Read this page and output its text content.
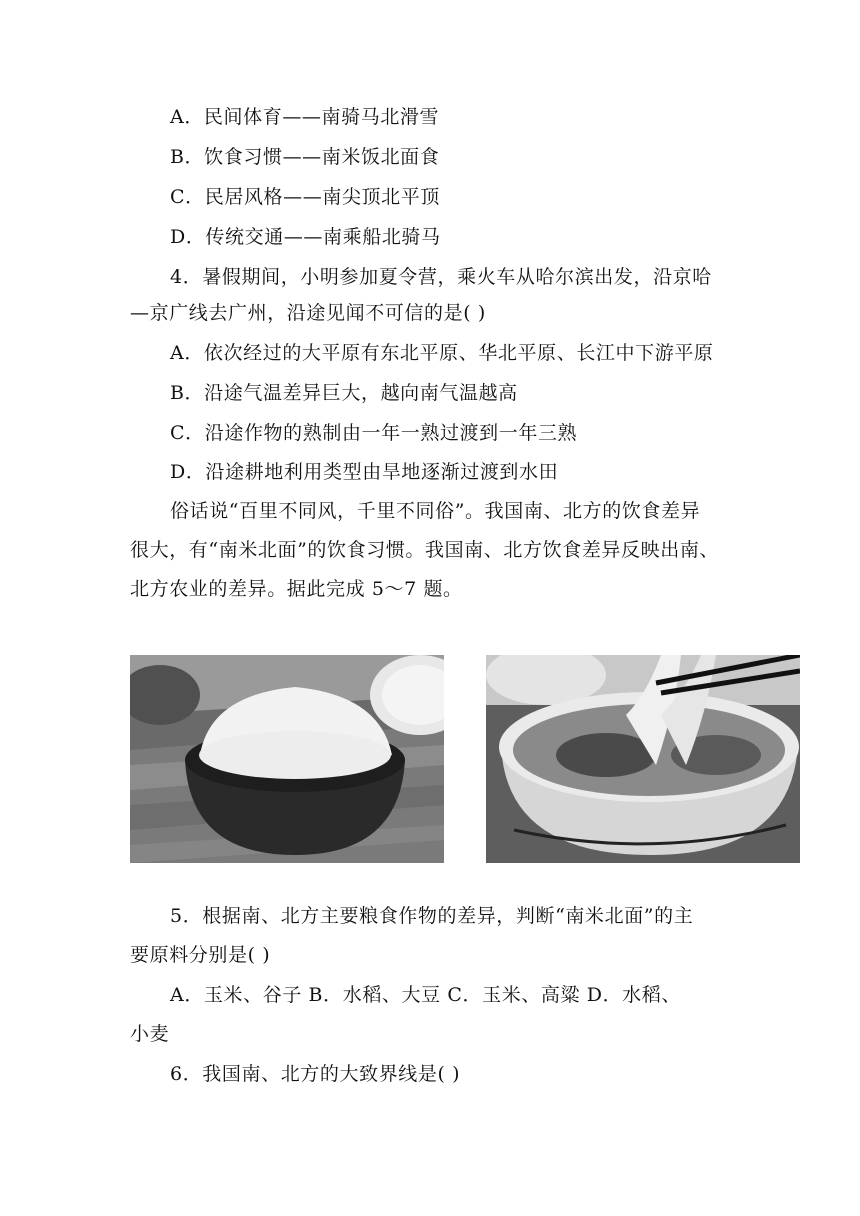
A．民间体育——南骑马北滑雪
B．饮食习惯——南米饭北面食
C．民居风格——南尖顶北平顶
D．传统交通——南乘船北骑马
4．暑假期间，小明参加夏令营，乘火车从哈尔滨出发，沿京哈
—京广线去广州，沿途见闻不可信的是( )
A．依次经过的大平原有东北平原、华北平原、长江中下游平原
B．沿途气温差异巨大，越向南气温越高
C．沿途作物的熟制由一年一熟过渡到一年三熟
D．沿途耕地利用类型由旱地逐渐过渡到水田
俗话说“百里不同风，千里不同俗”。我国南、北方的饮食差异
很大，有“南米北面”的饮食习惯。我国南、北方饮食差异反映出南、
北方农业的差异。据此完成 5～7 题。
5．根据南、北方主要粮食作物的差异，判断“南米北面”的主
要原料分别是( )
A．玉米、谷子 B．水稻、大豆 C．玉米、高粱 D．水稻、
小麦
6．我国南、北方的大致界线是( )
